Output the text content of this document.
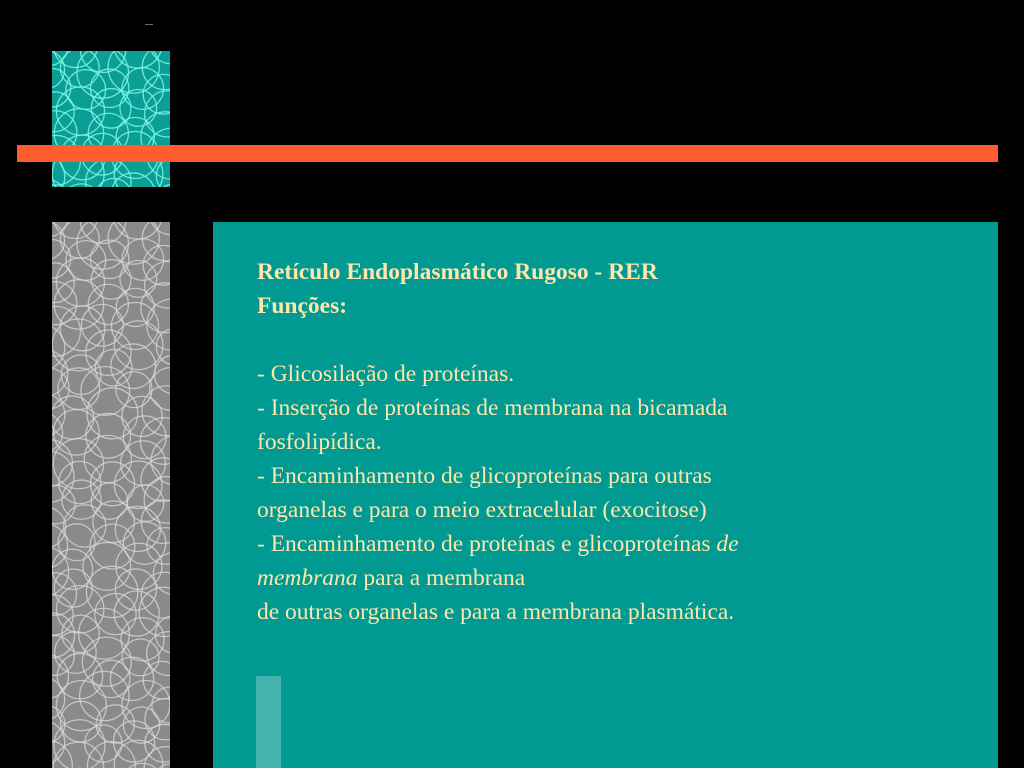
Retículo Endoplasmático Rugoso - RER
Funções:
- Glicosilação de proteínas.
- Inserção de proteínas de membrana na bicamada fosfolipídica.
- Encaminhamento de glicoproteínas para outras organelas e para o meio extracelular (exocitose)
- Encaminhamento de proteínas e glicoproteínas de membrana para a membrana
de outras organelas e para a membrana plasmática.
